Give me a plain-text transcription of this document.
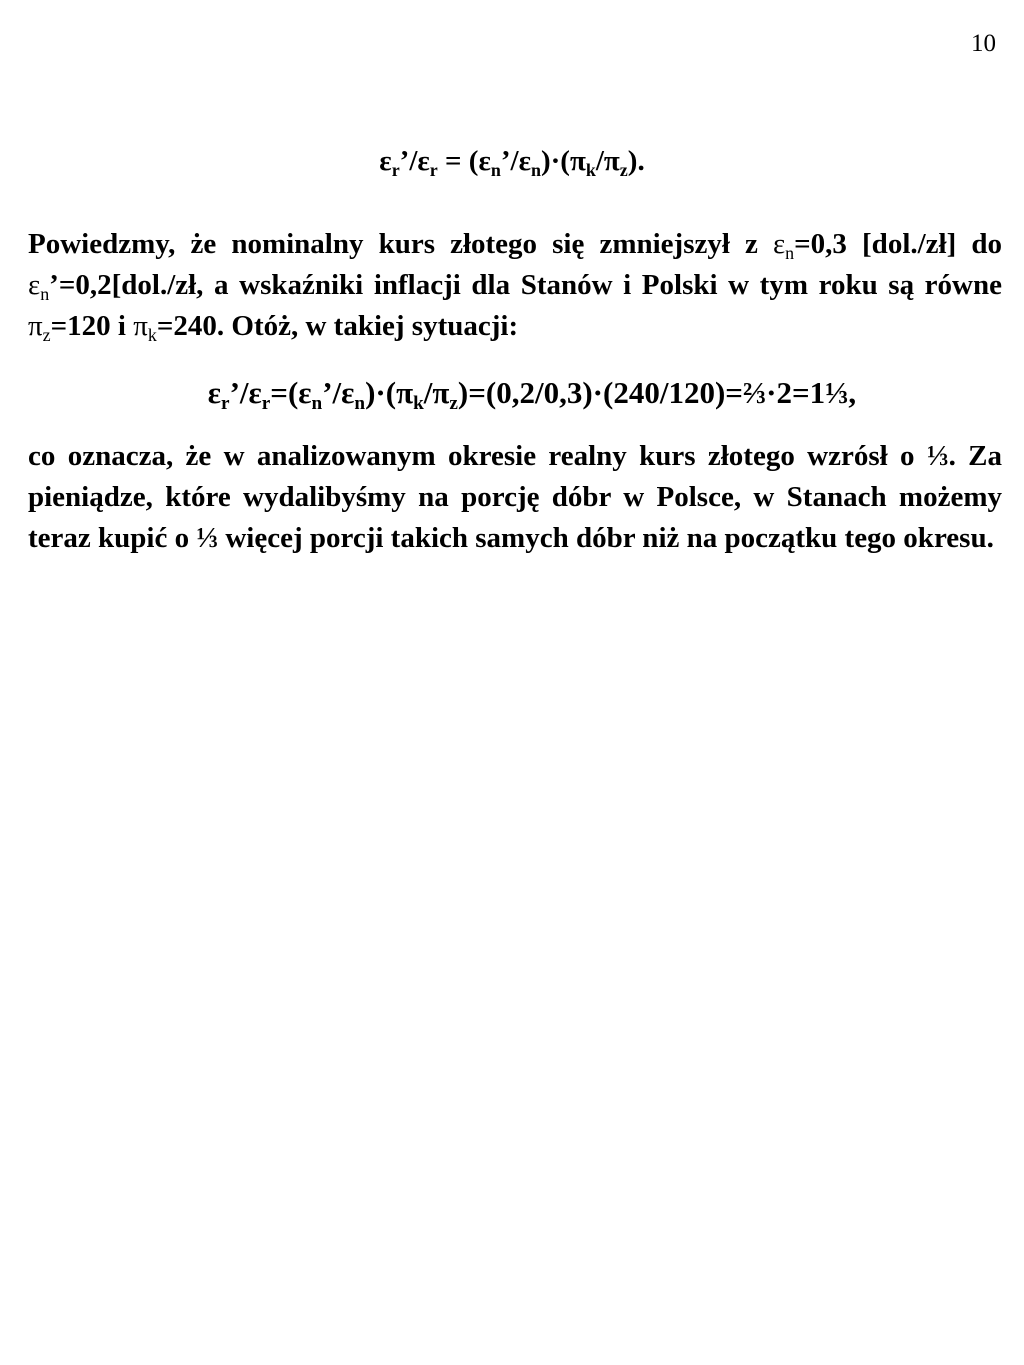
10
$\varepsilon_r’/\varepsilon_r$ = $(\varepsilon_n’/\varepsilon_n)\cdot(\pi_k/\pi_z)$.
Powiedzmy, że nominalny kurs złotego się zmniejszył z $\varepsilon_n=0,3$ [dol./zł] do $\varepsilon_n’=0,2[dol./zł$, a wskaźniki inflacji dla Stanów i Polski w tym roku są równe $\pi_z=120$ i $\pi_k=240$. Otóż, w takiej sytuacji:
$\varepsilon_r’/\varepsilon_r=(\varepsilon_n’/\varepsilon_n)\cdot(\pi_k/\pi_z)=(0,2/0,3)\cdot(240/120)=\frac{2}{3}\cdot 2=1\frac{1}{3}$,
co oznacza, że w analizowanym okresie realny kurs złotego wzrósł o ⅓. Za pieniądze, które wydalibyśmy na porcję dóbr w Polsce, w Stanach możemy teraz kupić o ⅓ więcej porcji takich samych dóbr niż na początku tego okresu.
